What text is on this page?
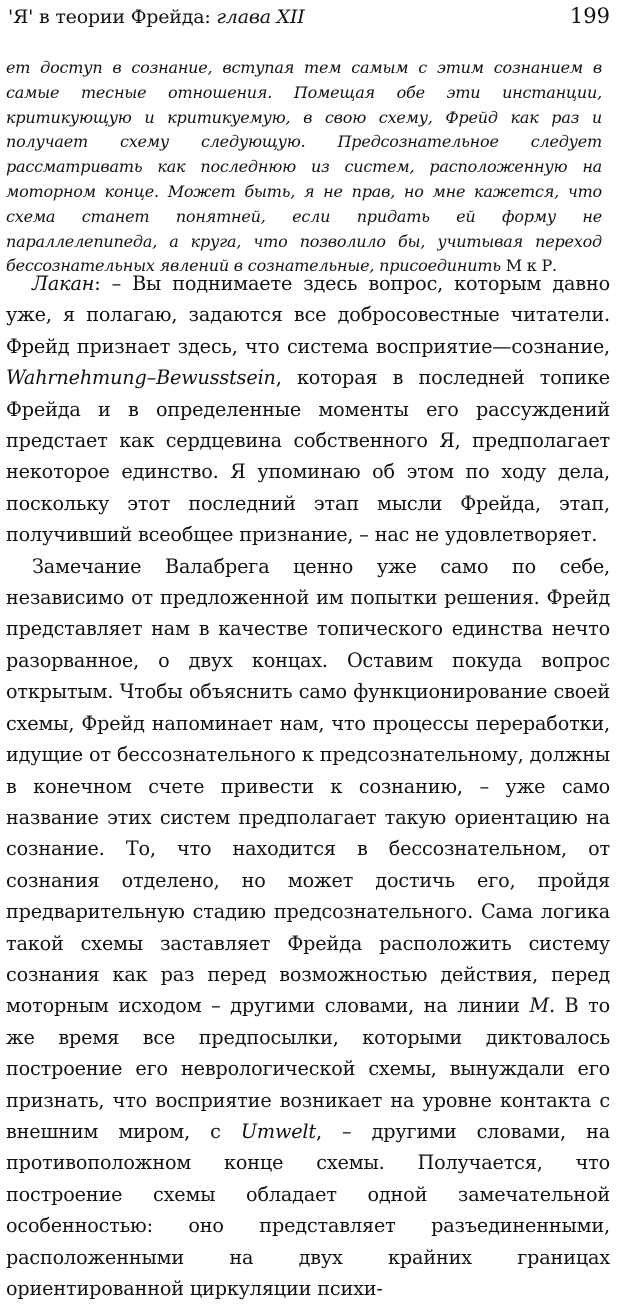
'Я' в теории Фрейда: глава XII	199
ет доступ в сознание, вступая тем самым с этим сознанием в самые тесные отношения. Помещая обе эти инстанции, критикующую и критикуемую, в свою схему, Фрейд как раз и получает схему следующую. Предсознательное следует рассматривать как последнюю из систем, расположенную на моторном конце. Может быть, я не прав, но мне кажется, что схема станет понятней, если придать ей форму не параллелепипеда, а круга, что позволило бы, учитывая переход бессознательных явлений в сознательные, присоединить М к Р.

Лакан: – Вы поднимаете здесь вопрос, которым давно уже, я полагаю, задаются все добросовестные читатели. Фрейд признает здесь, что система восприятие—сознание, Wahrnehmung–Bewusstsein, которая в последней топике Фрейда и в определенные моменты его рассуждений предстает как сердцевина собственного Я, предполагает некоторое единство. Я упоминаю об этом по ходу дела, поскольку этот последний этап мысли Фрейда, этап, получивший всеобщее признание, – нас не удовлетворяет.

Замечание Валабрега ценно уже само по себе, независимо от предложенной им попытки решения. Фрейд представляет нам в качестве топического единства нечто разорванное, о двух концах. Оставим покуда вопрос открытым. Чтобы объяснить само функционирование своей схемы, Фрейд напоминает нам, что процессы переработки, идущие от бессознательного к предсознательному, должны в конечном счете привести к сознанию, – уже само название этих систем предполагает такую ориентацию на сознание. То, что находится в бессознательном, от сознания отделено, но может достичь его, пройдя предварительную стадию предсознательного. Сама логика такой схемы заставляет Фрейда расположить систему сознания как раз перед возможностью действия, перед моторным исходом – другими словами, на линии М. В то же время все предпосылки, которыми диктовалось построение его неврологической схемы, вынуждали его признать, что восприятие возникает на уровне контакта с внешним миром, с Umwelt, – другими словами, на противоположном конце схемы. Получается, что построение схемы обладает одной замечательной особенностью: оно представляет разъединенными, расположенными на двух крайних границах ориентированной циркуляции психи-
